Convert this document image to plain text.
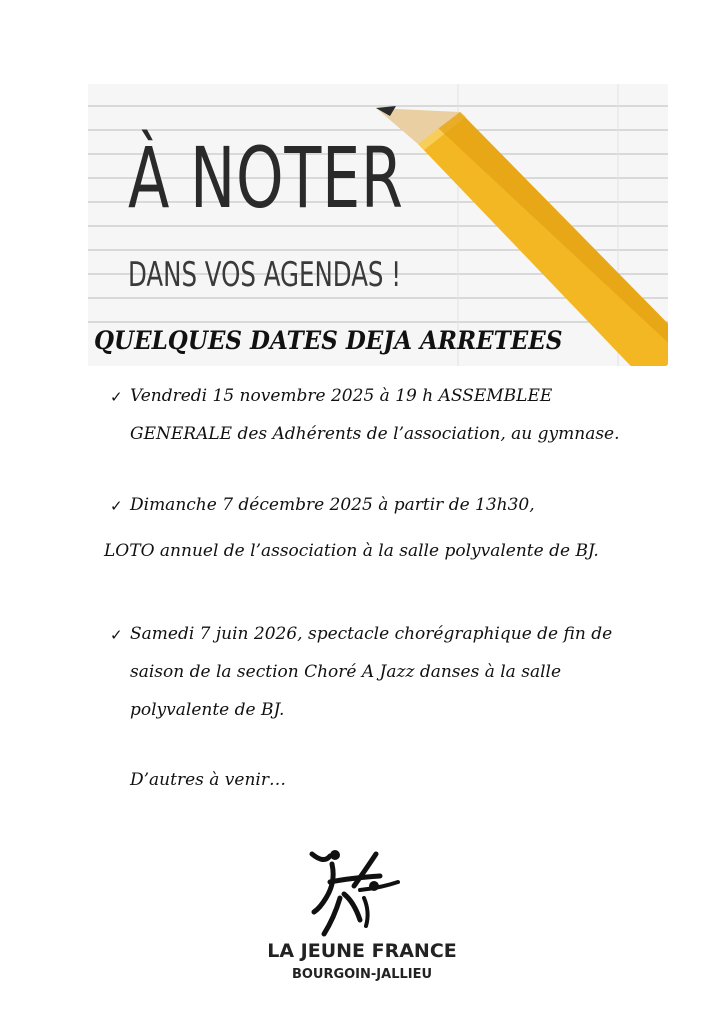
À NOTER
DANS VOS AGENDAS !
QUELQUES DATES DEJA ARRETEES
✓ Vendredi 15 novembre 2025 à 19 h ASSEMBLEE
GENERALE des Adhérents de l’association, au gymnase.
✓ Dimanche 7 décembre 2025 à partir de 13h30,
LOTO annuel de l’association à la salle polyvalente de BJ.
✓ Samedi 7 juin 2026, spectacle chorégraphique de fin de
saison de la section Choré A Jazz danses à la salle
polyvalente de BJ.
D’autres à venir…
LA JEUNE FRANCE
BOURGOIN-JALLIEU
